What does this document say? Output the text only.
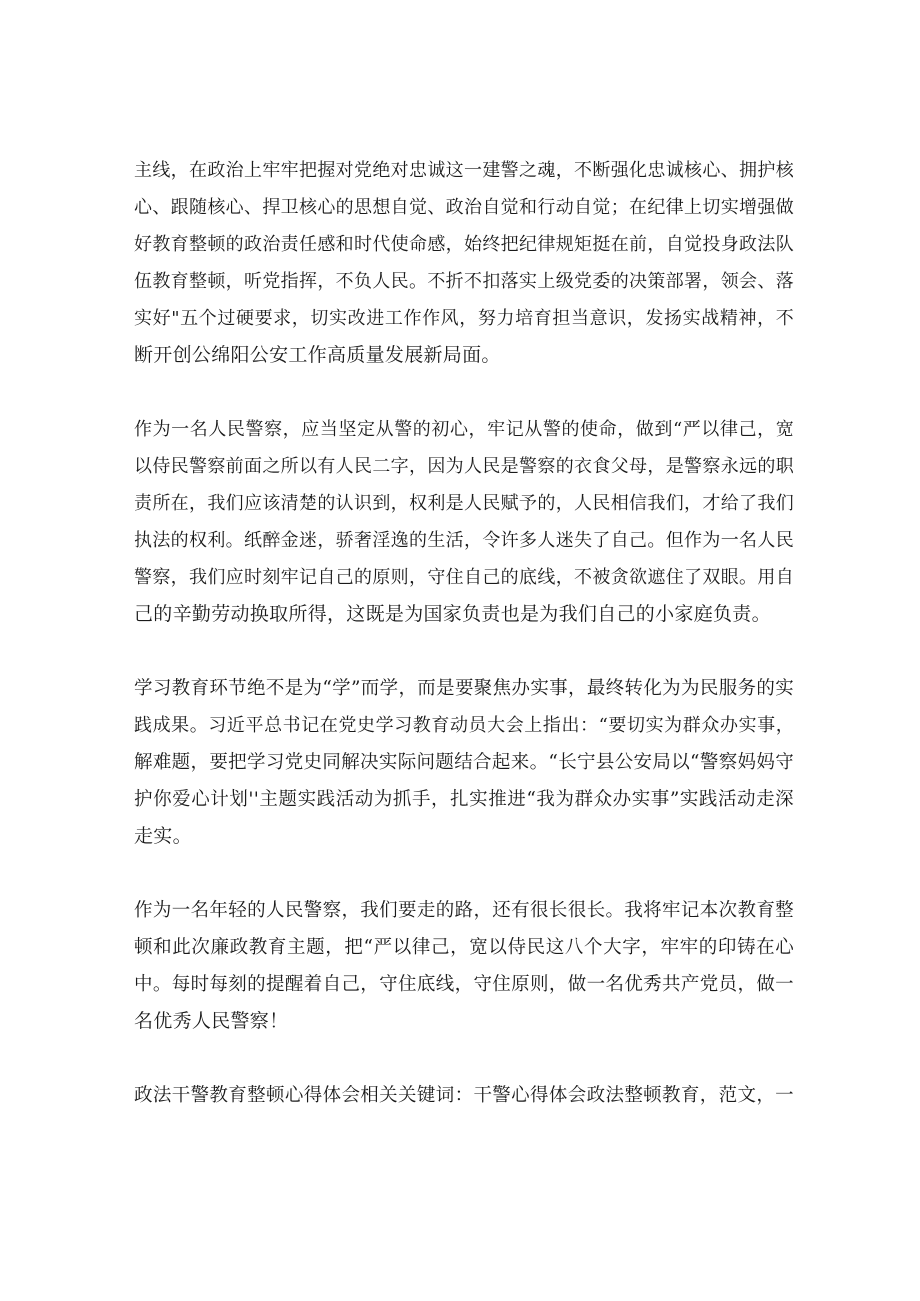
主线，在政治上牢牢把握对党绝对忠诚这一建警之魂，不断强化忠诚核心、拥护核
心、跟随核心、捍卫核心的思想自觉、政治自觉和行动自觉；在纪律上切实增强做
好教育整顿的政治责任感和时代使命感，始终把纪律规矩挺在前，自觉投身政法队
伍教育整顿，听党指挥，不负人民。不折不扣落实上级党委的决策部署，领会、落
实好"五个过硬要求，切实改进工作作风，努力培育担当意识，发扬实战精神，不
断开创公绵阳公安工作高质量发展新局面。
作为一名人民警察，应当坚定从警的初心，牢记从警的使命，做到“严以律己，宽
以侍民警察前面之所以有人民二字，因为人民是警察的衣食父母，是警察永远的职
责所在，我们应该清楚的认识到，权利是人民赋予的，人民相信我们，才给了我们
执法的权利。纸醉金迷，骄奢淫逸的生活，令许多人迷失了自己。但作为一名人民
警察，我们应时刻牢记自己的原则，守住自己的底线，不被贪欲遮住了双眼。用自
己的辛勤劳动换取所得，这既是为国家负责也是为我们自己的小家庭负责。
学习教育环节绝不是为“学”而学，而是要聚焦办实事，最终转化为为民服务的实
践成果。习近平总书记在党史学习教育动员大会上指出：“要切实为群众办实事，
解难题，要把学习党史同解决实际问题结合起来。“长宁县公安局以“警察妈妈守
护你爱心计划''主题实践活动为抓手，扎实推进“我为群众办实事”实践活动走深
走实。
作为一名年轻的人民警察，我们要走的路，还有很长很长。我将牢记本次教育整
顿和此次廉政教育主题，把“严以律己，宽以侍民这八个大字，牢牢的印铸在心
中。每时每刻的提醒着自己，守住底线，守住原则，做一名优秀共产党员，做一
名优秀人民警察！
政法干警教育整顿心得体会相关关键词：干警心得体会政法整顿教育，范文，一
